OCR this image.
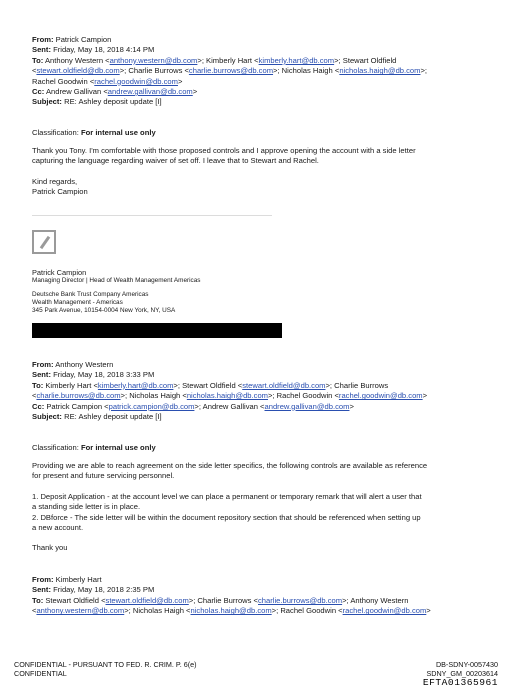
From: Patrick Campion

Sent: Friday, May 18, 2018 4:14 PM

To: Anthony Western <anthony.western@db.com>; Kimberly Hart <kimberly.hart@db.com>; Stewart Oldfield

<stewart.oldfield@db.com>; Charlie Burrows <charlie.burrows@db.com>; Nicholas Haigh <nicholas.haigh@db.com>;

Rachel Goodwin <rachel.goodwin@db.com>

Cc: Andrew Gallivan <andrew.gallivan@db.com>

Subject: RE: Ashley deposit update [I]

Classification: For internal use only

Thank you Tony. I'm comfortable with those proposed controls and I approve opening the account with a side letter

capturing the language regarding waiver of set off. I leave that to Stewart and Rachel.

Kind regards,

Patrick Campion

Patrick Campion

Managing Director | Head of Wealth Management Americas

Deutsche Bank Trust Company Americas

Wealth Management - Americas

345 Park Avenue, 10154-0004 New York, NY, USA

From: Anthony Western

Sent: Friday, May 18, 2018 3:33 PM

To: Kimberly Hart <kimberly.hart@db.com>; Stewart Oldfield <stewart.oldfield@db.com>; Charlie Burrows

<charlie.burrows@db.com>; Nicholas Haigh <nicholas.haigh@db.com>; Rachel Goodwin <rachel.goodwin@db.com>

Cc: Patrick Campion <patrick.campion@db.com>; Andrew Gallivan <andrew.gallivan@db.com>

Subject: RE: Ashley deposit update [I]

Classification: For internal use only

Providing we are able to reach agreement on the side letter specifics, the following controls are available as reference

for present and future servicing personnel.

1. Deposit Application - at the account level we can place a permanent or temporary remark that will alert a user that

a standing side letter is in place.

2. DBforce - The side letter will be within the document repository section that should be referenced when setting up

a new account.

Thank you

From: Kimberly Hart

Sent: Friday, May 18, 2018 2:35 PM

To: Stewart Oldfield <stewart.oldfield@db.com>; Charlie Burrows <charlie.burrows@db.com>; Anthony Western

<anthony.western@db.com>; Nicholas Haigh <nicholas.haigh@db.com>; Rachel Goodwin <rachel.goodwin@db.com>

CONFIDENTIAL - PURSUANT TO FED. R. CRIM. P. 6(e)

CONFIDENTIAL

DB-SDNY-0057430

SDNY_GM_00203614

EFTA01365961
